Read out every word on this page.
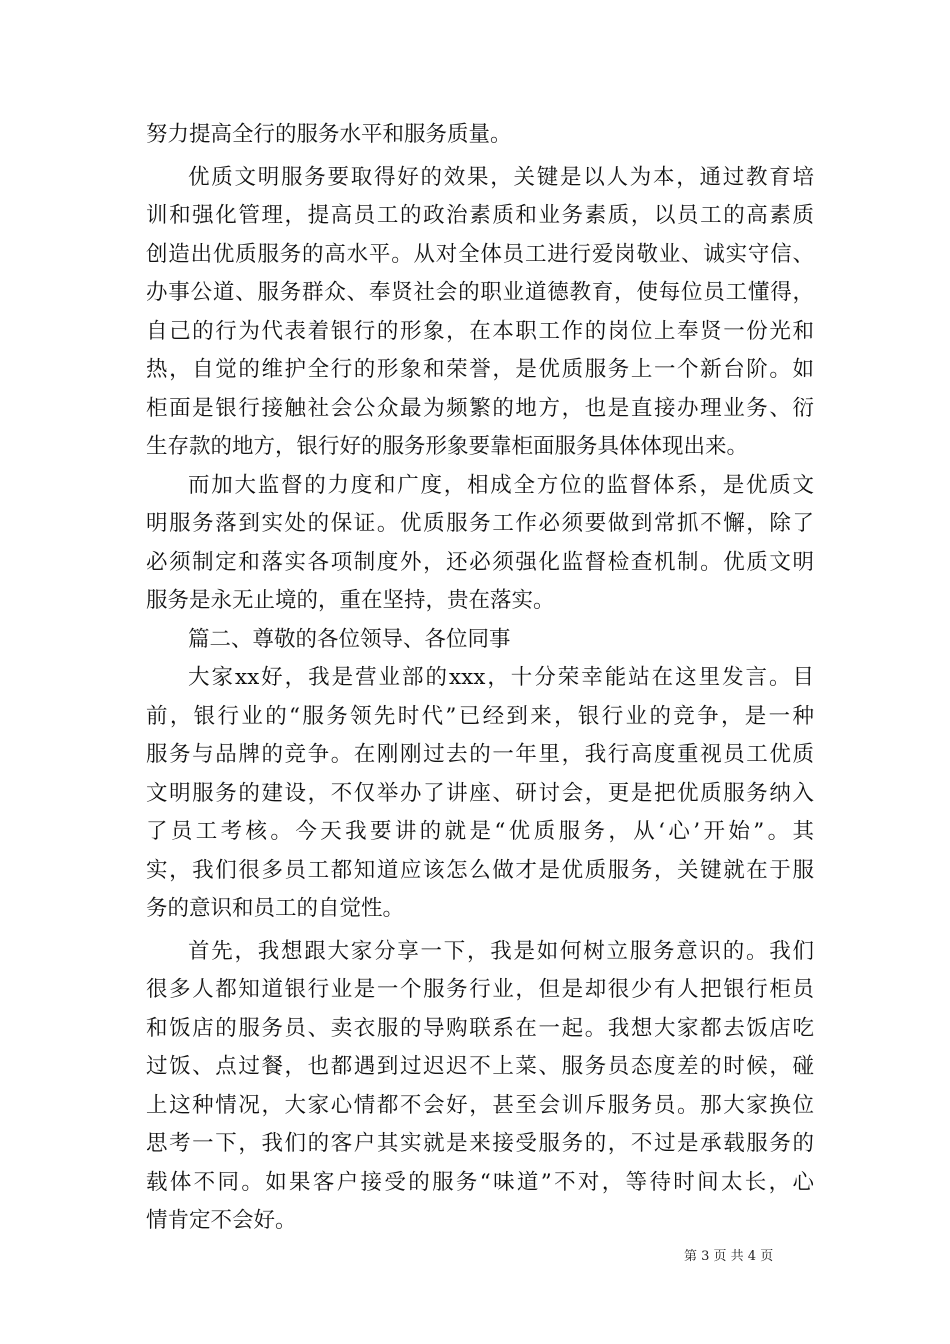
努力提高全行的服务水平和服务质量。
优质文明服务要取得好的效果，关键是以人为本，通过教育培
训和强化管理，提高员工的政治素质和业务素质，以员工的高素质
创造出优质服务的高水平。从对全体员工进行爱岗敬业、诚实守信、
办事公道、服务群众、奉贤社会的职业道德教育，使每位员工懂得，
自己的行为代表着银行的形象，在本职工作的岗位上奉贤一份光和
热，自觉的维护全行的形象和荣誉，是优质服务上一个新台阶。如
柜面是银行接触社会公众最为频繁的地方，也是直接办理业务、衍
生存款的地方，银行好的服务形象要靠柜面服务具体体现出来。
而加大监督的力度和广度，相成全方位的监督体系，是优质文
明服务落到实处的保证。优质服务工作必须要做到常抓不懈，除了
必须制定和落实各项制度外，还必须强化监督检查机制。优质文明
服务是永无止境的，重在坚持，贵在落实。
篇二、尊敬的各位领导、各位同事
大家xx好，我是营业部的xxx，十分荣幸能站在这里发言。目
前，银行业的“服务领先时代”已经到来，银行业的竞争，是一种
服务与品牌的竞争。在刚刚过去的一年里，我行高度重视员工优质
文明服务的建设，不仅举办了讲座、研讨会，更是把优质服务纳入
了员工考核。今天我要讲的就是“优质服务，从‘心’开始”。其
实，我们很多员工都知道应该怎么做才是优质服务，关键就在于服
务的意识和员工的自觉性。
首先，我想跟大家分享一下，我是如何树立服务意识的。我们
很多人都知道银行业是一个服务行业，但是却很少有人把银行柜员
和饭店的服务员、卖衣服的导购联系在一起。我想大家都去饭店吃
过饭、点过餐，也都遇到过迟迟不上菜、服务员态度差的时候，碰
上这种情况，大家心情都不会好，甚至会训斥服务员。那大家换位
思考一下，我们的客户其实就是来接受服务的，不过是承载服务的
载体不同。如果客户接受的服务“味道”不对，等待时间太长，心
情肯定不会好。
第 3 页 共 4 页
